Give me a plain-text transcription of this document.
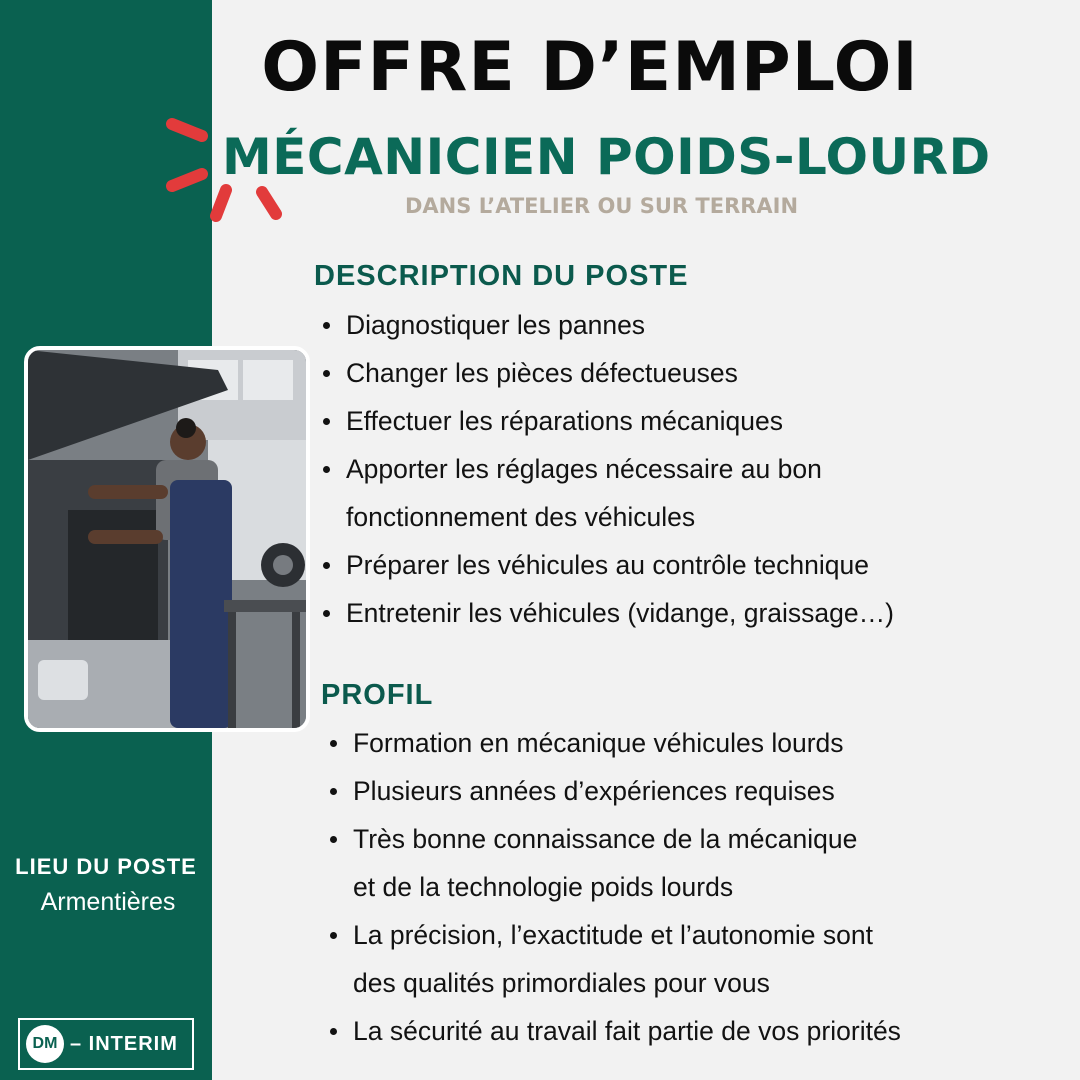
OFFRE D’EMPLOI
MÉCANICIEN POIDS-LOURD

DANS L’ATELIER OU SUR TERRAIN

DESCRIPTION DU POSTE
Diagnostiquer les pannes
Changer les pièces défectueuses
Effectuer les réparations mécaniques
Apporter les réglages nécessaire au bon
fonctionnement des véhicules
Préparer les véhicules au contrôle technique
Entretenir les véhicules (vidange, graissage…)
PROFIL
Formation en mécanique véhicules lourds
Plusieurs années d’expériences requises
Très bonne connaissance de la mécanique
et de la technologie poids lourds
La précision, l’exactitude et l’autonomie sont
des qualités primordiales pour vous
La sécurité au travail fait partie de vos priorités

LIEU DU POSTE

Armentières

DM – INTERIM
